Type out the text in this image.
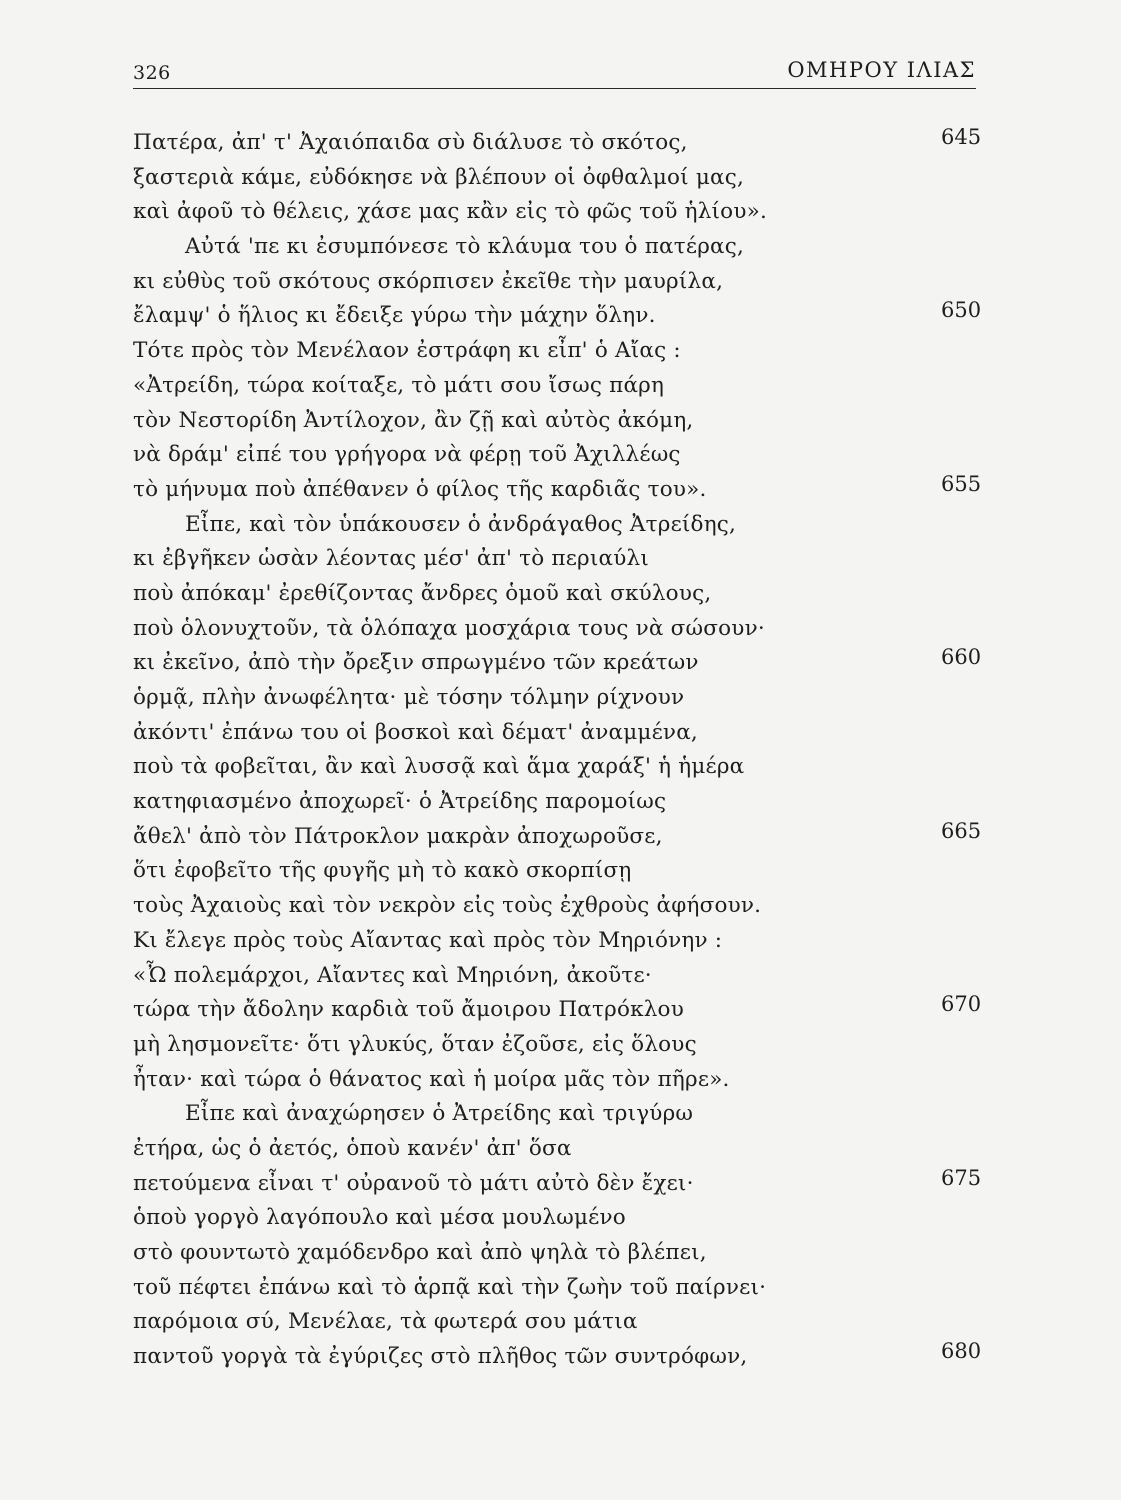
326	ΟΜΗΡΟΥ ΙΛΙΑΣ
Πατέρα, ἀπ' τ' Ἀχαιόπαιδα σὺ διάλυσε τὸ σκότος,	645
ξαστεριὰ κάμε, εὐδόκησε νὰ βλέπουν οἱ ὀφθαλμοί μας,
καὶ ἀφοῦ τὸ θέλεις, χάσε μας κἂν εἰς τὸ φῶς τοῦ ἡλίου».
Αὐτά 'πε κι ἐσυμπόνεσε τὸ κλάυμα του ὁ πατέρας,
κι εὐθὺς τοῦ σκότους σκόρπισεν ἐκεῖθε τὴν μαυρίλα,
ἔλαμψ' ὁ ἥλιος κι ἔδειξε γύρω τὴν μάχην ὅλην.	650
Τότε πρὸς τὸν Μενέλαον ἐστράφη κι εἶπ' ὁ Αἴας :
«Ἀτρείδη, τώρα κοίταξε, τὸ μάτι σου ἴσως πάρη
τὸν Νεστορίδη Ἀντίλοχον, ἂν ζῇ καὶ αὐτὸς ἀκόμη,
νὰ δράμ' εἰπέ του γρήγορα νὰ φέρῃ τοῦ Ἀχιλλέως
τὸ μήνυμα ποὺ ἀπέθανεν ὁ φίλος τῆς καρδιᾶς του».	655
Εἶπε, καὶ τὸν ὑπάκουσεν ὁ ἀνδράγαθος Ἀτρείδης,
κι ἐβγῆκεν ὡσὰν λέοντας μέσ' ἀπ' τὸ περιαύλι
ποὺ ἀπόκαμ' ἐρεθίζοντας ἄνδρες ὁμοῦ καὶ σκύλους,
ποὺ ὁλονυχτοῦν, τὰ ὁλόπαχα μοσχάρια τους νὰ σώσουν·
κι ἐκεῖνο, ἀπὸ τὴν ὄρεξιν σπρωγμένο τῶν κρεάτων	660
ὁρμᾷ, πλὴν ἀνωφέλητα· μὲ τόσην τόλμην ρίχνουν
ἀκόντι' ἐπάνω του οἱ βοσκοὶ καὶ δέματ' ἀναμμένα,
ποὺ τὰ φοβεῖται, ἂν καὶ λυσσᾷ καὶ ἅμα χαράξ' ἡ ἡμέρα
κατηφιασμένο ἀποχωρεῖ· ὁ Ἀτρείδης παρομοίως
ἄθελ' ἀπὸ τὸν Πάτροκλον μακρὰν ἀποχωροῦσε,	665
ὅτι ἐφοβεῖτο τῆς φυγῆς μὴ τὸ κακὸ σκορπίσῃ
τοὺς Ἀχαιοὺς καὶ τὸν νεκρὸν εἰς τοὺς ἐχθροὺς ἀφήσουν.
Κι ἔλεγε πρὸς τοὺς Αἴαντας καὶ πρὸς τὸν Μηριόνην :
«Ὦ πολεμάρχοι, Αἴαντες καὶ Μηριόνη, ἀκοῦτε·
τώρα τὴν ἄδολην καρδιὰ τοῦ ἄμοιρου Πατρόκλου	670
μὴ λησμονεῖτε· ὅτι γλυκύς, ὅταν ἐζοῦσε, εἰς ὅλους
ἦταν· καὶ τώρα ὁ θάνατος καὶ ἡ μοίρα μᾶς τὸν πῆρε».
Εἶπε καὶ ἀναχώρησεν ὁ Ἀτρείδης καὶ τριγύρω
ἐτήρα, ὡς ὁ ἀετός, ὁποὺ κανέν' ἀπ' ὅσα
πετούμενα εἶναι τ' οὐρανοῦ τὸ μάτι αὐτὸ δὲν ἔχει·	675
ὁποὺ γοργὸ λαγόπουλο καὶ μέσα μουλωμένο
στὸ φουντωτὸ χαμόδενδρο καὶ ἀπὸ ψηλὰ τὸ βλέπει,
τοῦ πέφτει ἐπάνω καὶ τὸ ἁρπᾷ καὶ τὴν ζωὴν τοῦ παίρνει·
παρόμοια σύ, Μενέλαε, τὰ φωτερά σου μάτια
παντοῦ γοργὰ τὰ ἐγύριζες στὸ πλῆθος τῶν συντρόφων,	680
